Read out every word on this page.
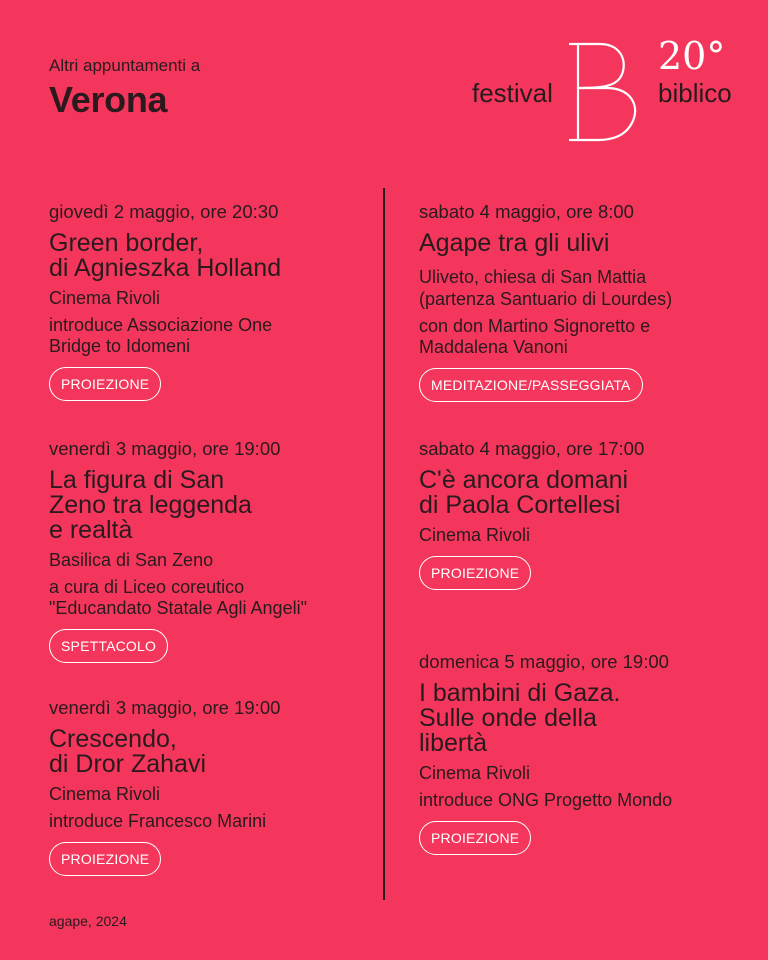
Altri appuntamenti a
Verona	festival
20°
biblico
giovedì 2 maggio, ore 20:30
Green border,
di Agnieszka Holland
Cinema Rivoli
introduce Associazione One
Bridge to Idomeni
PROIEZIONE
venerdì 3 maggio, ore 19:00
La figura di San
Zeno tra leggenda
e realtà
Basilica di San Zeno
a cura di Liceo coreutico
"Educandato Statale Agli Angeli"
SPETTACOLO
venerdì 3 maggio, ore 19:00
Crescendo,
di Dror Zahavi
Cinema Rivoli
introduce Francesco Marini
PROIEZIONE
sabato 4 maggio, ore 8:00
Agape tra gli ulivi
Uliveto, chiesa di San Mattia
(partenza Santuario di Lourdes)
con don Martino Signoretto e
Maddalena Vanoni
MEDITAZIONE/PASSEGGIATA
sabato 4 maggio, ore 17:00
C'è ancora domani
di Paola Cortellesi
Cinema Rivoli
PROIEZIONE
domenica 5 maggio, ore 19:00
I bambini di Gaza.
Sulle onde della
libertà
Cinema Rivoli
introduce ONG Progetto Mondo
PROIEZIONE
agape, 2024
